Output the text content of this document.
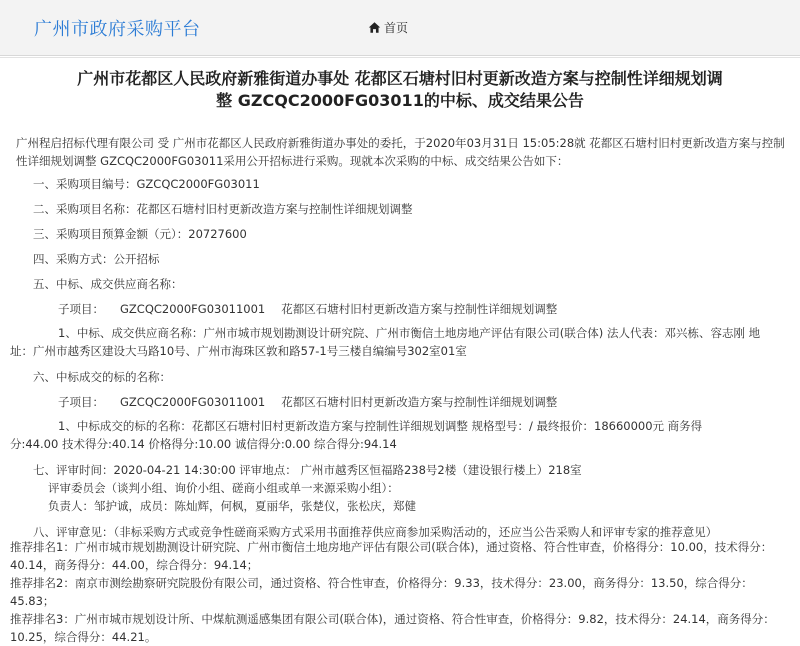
广州市政府采购平台	首页
广州市花都区人民政府新雅街道办事处 花都区石塘村旧村更新改造方案与控制性详细规划调
整 GZCQC2000FG03011的中标、成交结果公告
广州程启招标代理有限公司 受 广州市花都区人民政府新雅街道办事处的委托，于2020年03月31日 15:05:28就 花都区石塘村旧村更新改造方案与控制性详细规划调整 GZCQC2000FG03011采用公开招标进行采购。现就本次采购的中标、成交结果公告如下：
一、采购项目编号：GZCQC2000FG03011
二、采购项目名称：花都区石塘村旧村更新改造方案与控制性详细规划调整
三、采购项目预算金额（元）：20727600
四、采购方式：公开招标
五、中标、成交供应商名称：
子项目： GZCQC2000FG03011001 花都区石塘村旧村更新改造方案与控制性详细规划调整
1、中标、成交供应商名称：广州市城市规划勘测设计研究院、广州市衡信土地房地产评估有限公司(联合体) 法人代表：邓兴栋、容志刚 地
址：广州市越秀区建设大马路10号、广州市海珠区敦和路57-1号三楼自编编号302室01室
六、中标成交的标的名称：
子项目： GZCQC2000FG03011001 花都区石塘村旧村更新改造方案与控制性详细规划调整
1、中标成交的标的名称：花都区石塘村旧村更新改造方案与控制性详细规划调整 规格型号：/ 最终报价：18660000元 商务得
分:44.00 技术得分:40.14 价格得分:10.00 诚信得分:0.00 综合得分:94.14
七、评审时间：2020-04-21 14:30:00 评审地点： 广州市越秀区恒福路238号2楼（建设银行楼上）218室
评审委员会（谈判小组、询价小组、磋商小组或单一来源采购小组）：
负责人：邹护诚，成员：陈灿辉，何枫，夏丽华，张楚仪，张松庆，郑健
八、评审意见：（非标采购方式或竞争性磋商采购方式采用书面推荐供应商参加采购活动的，还应当公告采购人和评审专家的推荐意见）
推荐排名1：广州市城市规划勘测设计研究院、广州市衡信土地房地产评估有限公司(联合体)，通过资格、符合性审查，价格得分：10.00，技术得分：
40.14，商务得分：44.00，综合得分：94.14；
推荐排名2：南京市测绘勘察研究院股份有限公司，通过资格、符合性审查，价格得分：9.33，技术得分：23.00，商务得分：13.50，综合得分：45.83；
推荐排名3：广州市城市规划设计所、中煤航测遥感集团有限公司(联合体)，通过资格、符合性审查，价格得分：9.82，技术得分：24.14，商务得分：
10.25，综合得分：44.21。
